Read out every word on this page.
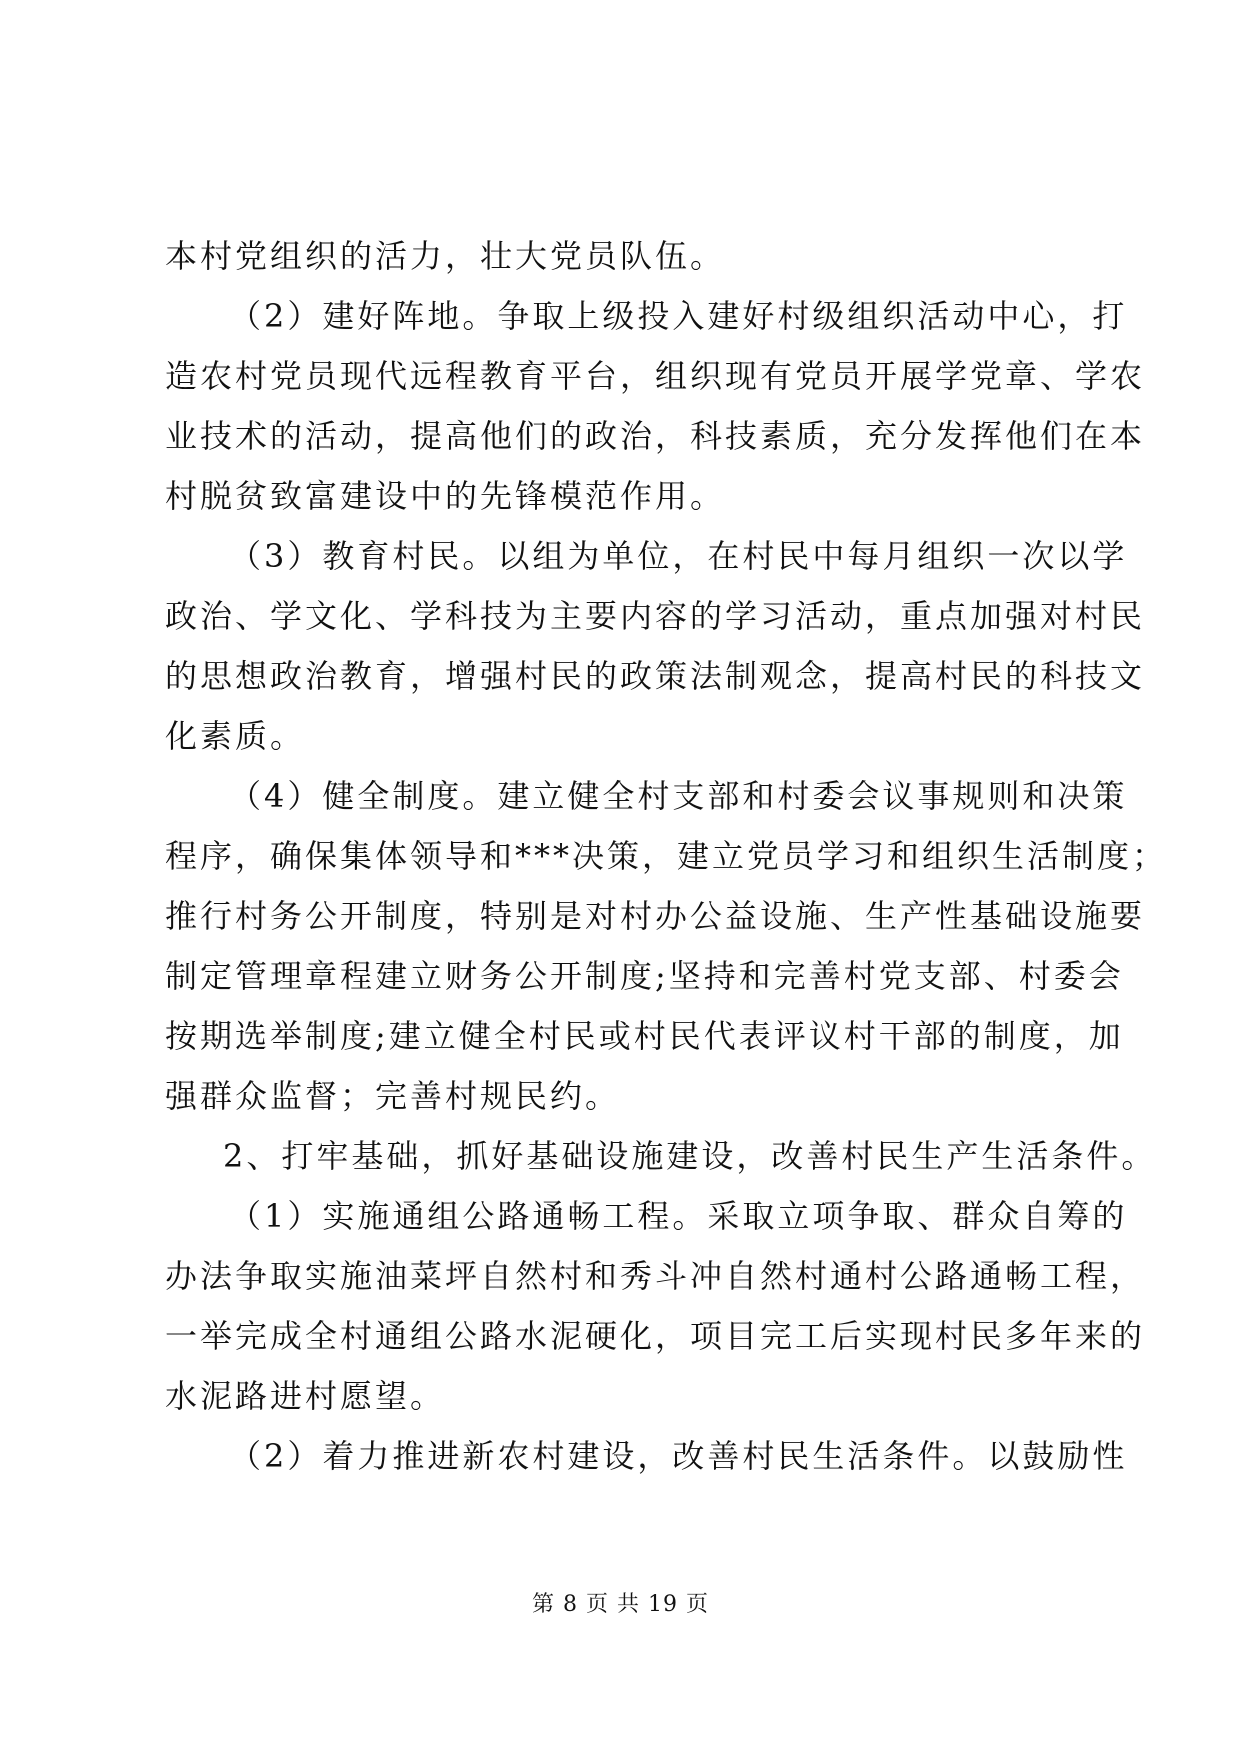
本村党组织的活力，壮大党员队伍。
（2）建好阵地。争取上级投入建好村级组织活动中心，打
造农村党员现代远程教育平台，组织现有党员开展学党章、学农
业技术的活动，提高他们的政治，科技素质，充分发挥他们在本
村脱贫致富建设中的先锋模范作用。
（3）教育村民。以组为单位，在村民中每月组织一次以学
政治、学文化、学科技为主要内容的学习活动，重点加强对村民
的思想政治教育，增强村民的政策法制观念，提高村民的科技文
化素质。
（4）健全制度。建立健全村支部和村委会议事规则和决策
程序，确保集体领导和***决策，建立党员学习和组织生活制度；
推行村务公开制度，特别是对村办公益设施、生产性基础设施要
制定管理章程建立财务公开制度;坚持和完善村党支部、村委会
按期选举制度;建立健全村民或村民代表评议村干部的制度，加
强群众监督；完善村规民约。
2、打牢基础，抓好基础设施建设，改善村民生产生活条件。
（1）实施通组公路通畅工程。采取立项争取、群众自筹的
办法争取实施油菜坪自然村和秀斗冲自然村通村公路通畅工程，
一举完成全村通组公路水泥硬化，项目完工后实现村民多年来的
水泥路进村愿望。
（2）着力推进新农村建设，改善村民生活条件。以鼓励性
第 8 页 共 19 页
